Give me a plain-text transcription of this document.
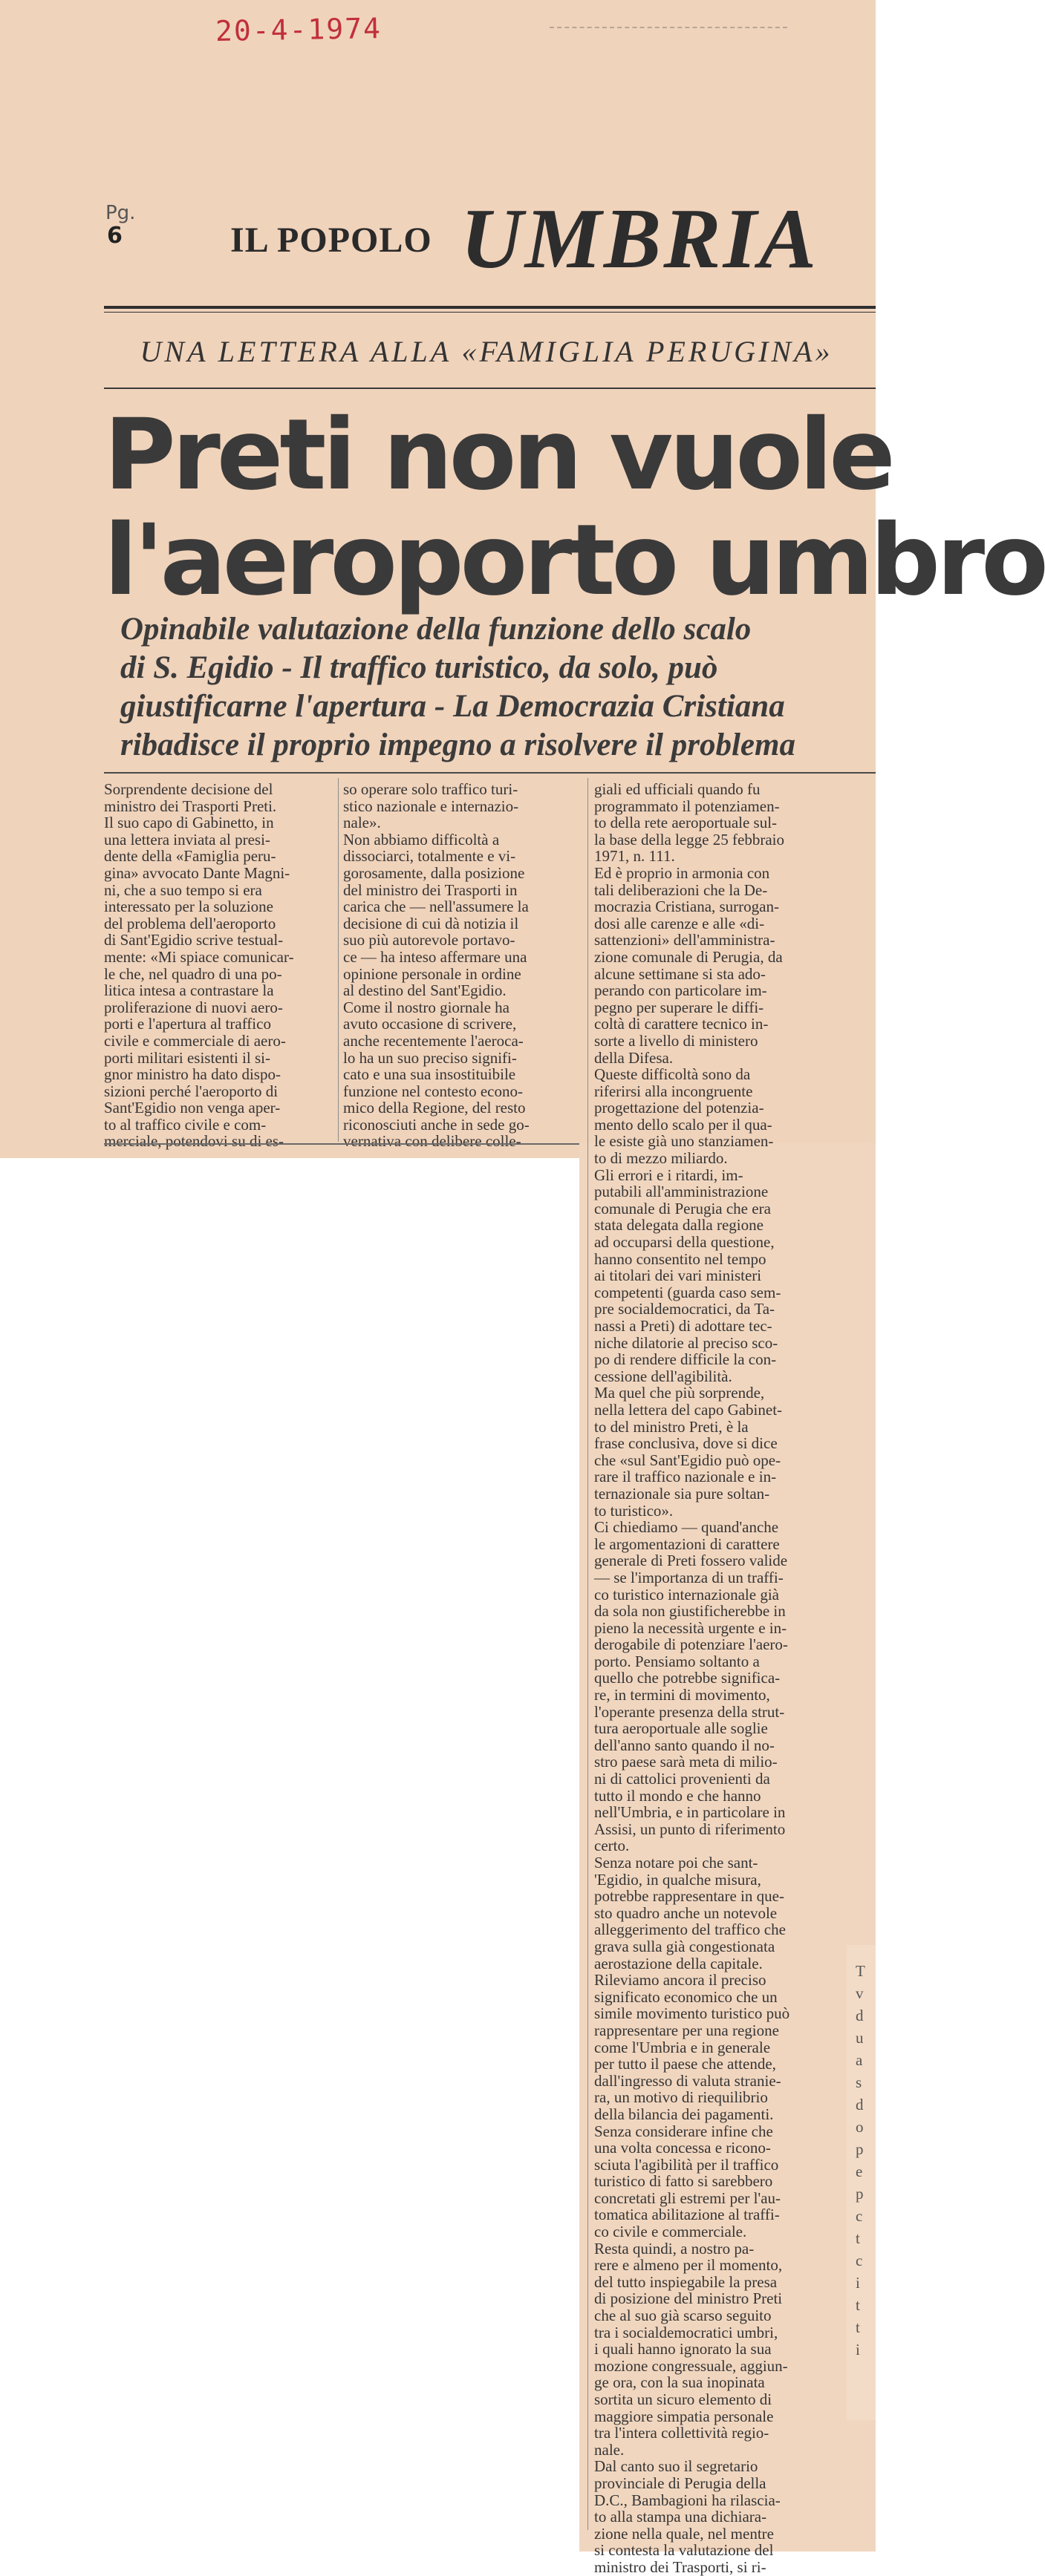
20-4-1974
Pg.
6	IL POPOLO UMBRIA
UNA LETTERA ALLA «FAMIGLIA PERUGINA»
Preti non vuole
l'aeroporto umbro
Opinabile valutazione della funzione dello scalo
di S. Egidio - Il traffico turistico, da solo, può
giustificarne l'apertura - La Democrazia Cristiana
ribadisce il proprio impegno a risolvere il problema
Sorprendente decisione del
ministro dei Trasporti Preti.
Il suo capo di Gabinetto, in
una lettera inviata al presi-
dente della «Famiglia peru-
gina» avvocato Dante Magni-
ni, che a suo tempo si era
interessato per la soluzione
del problema dell'aeroporto
di Sant'Egidio scrive testual-
mente: «Mi spiace comunicar-
le che, nel quadro di una po-
litica intesa a contrastare la
proliferazione di nuovi aero-
porti e l'apertura al traffico
civile e commerciale di aero-
porti militari esistenti il si-
gnor ministro ha dato dispo-
sizioni perché l'aeroporto di
Sant'Egidio non venga aper-
to al traffico civile e com-
merciale, potendovi su di es-
so operare solo traffico turi-
stico nazionale e internazio-
nale».
Non abbiamo difficoltà a
dissociarci, totalmente e vi-
gorosamente, dalla posizione
del ministro dei Trasporti in
carica che — nell'assumere la
decisione di cui dà notizia il
suo più autorevole portavo-
ce — ha inteso affermare una
opinione personale in ordine
al destino del Sant'Egidio.
Come il nostro giornale ha
avuto occasione di scrivere,
anche recentemente l'aeroca-
lo ha un suo preciso signifi-
cato e una sua insostituibile
funzione nel contesto econo-
mico della Regione, del resto
riconosciuti anche in sede go-
vernativa con delibere colle-
giali ed ufficiali quando fu
programmato il potenziamen-
to della rete aeroportuale sul-
la base della legge 25 febbraio
1971, n. 111.
Ed è proprio in armonia con
tali deliberazioni che la De-
mocrazia Cristiana, surrogan-
dosi alle carenze e alle «di-
sattenzioni» dell'amministra-
zione comunale di Perugia, da
alcune settimane si sta ado-
perando con particolare im-
pegno per superare le diffi-
coltà di carattere tecnico in-
sorte a livello di ministero
della Difesa.
Queste difficoltà sono da
riferirsi alla incongruente
progettazione del potenzia-
mento dello scalo per il qua-
le esiste già uno stanziamen-
to di mezzo miliardo.
Gli errori e i ritardi, im-
putabili all'amministrazione
comunale di Perugia che era
stata delegata dalla regione
ad occuparsi della questione,
hanno consentito nel tempo
ai titolari dei vari ministeri
competenti (guarda caso sem-
pre socialdemocratici, da Ta-
nassi a Preti) di adottare tec-
niche dilatorie al preciso sco-
po di rendere difficile la con-
cessione dell'agibilità.
Ma quel che più sorprende,
nella lettera del capo Gabinet-
to del ministro Preti, è la
frase conclusiva, dove si dice
che «sul Sant'Egidio può ope-
rare il traffico nazionale e in-
ternazionale sia pure soltan-
to turistico».
Ci chiediamo — quand'anche
le argomentazioni di carattere
generale di Preti fossero valide
— se l'importanza di un traffi-
co turistico internazionale già
da sola non giustificherebbe in
pieno la necessità urgente e in-
derogabile di potenziare l'aero-
porto. Pensiamo soltanto a
quello che potrebbe significa-
re, in termini di movimento,
l'operante presenza della strut-
tura aeroportuale alle soglie
dell'anno santo quando il no-
stro paese sarà meta di milio-
ni di cattolici provenienti da
tutto il mondo e che hanno
nell'Umbria, e in particolare in
Assisi, un punto di riferimento
certo.
Senza notare poi che sant-
'Egidio, in qualche misura,
potrebbe rappresentare in que-
sto quadro anche un notevole
alleggerimento del traffico che
grava sulla già congestionata
aerostazione della capitale.
Rileviamo ancora il preciso
significato economico che un
simile movimento turistico può
rappresentare per una regione
come l'Umbria e in generale
per tutto il paese che attende,
dall'ingresso di valuta stranie-
ra, un motivo di riequilibrio
della bilancia dei pagamenti.
Senza considerare infine che
una volta concessa e ricono-
sciuta l'agibilità per il traffico
turistico di fatto si sarebbero
concretati gli estremi per l'au-
tomatica abilitazione al traffi-
co civile e commerciale.
Resta quindi, a nostro pa-
rere e almeno per il momento,
del tutto inspiegabile la presa
di posizione del ministro Preti
che al suo già scarso seguito
tra i socialdemocratici umbri,
i quali hanno ignorato la sua
mozione congressuale, aggiun-
ge ora, con la sua inopinata
sortita un sicuro elemento di
maggiore simpatia personale
tra l'intera collettività regio-
nale.
Dal canto suo il segretario
provinciale di Perugia della
D.C., Bambagioni ha rilascia-
to alla stampa una dichiara-
zione nella quale, nel mentre
si contesta la valutazione del
ministro dei Trasporti, si ri-
T
v
d
u
a
s
d
o
p
e
p
c
t
c
i
t
t
i
